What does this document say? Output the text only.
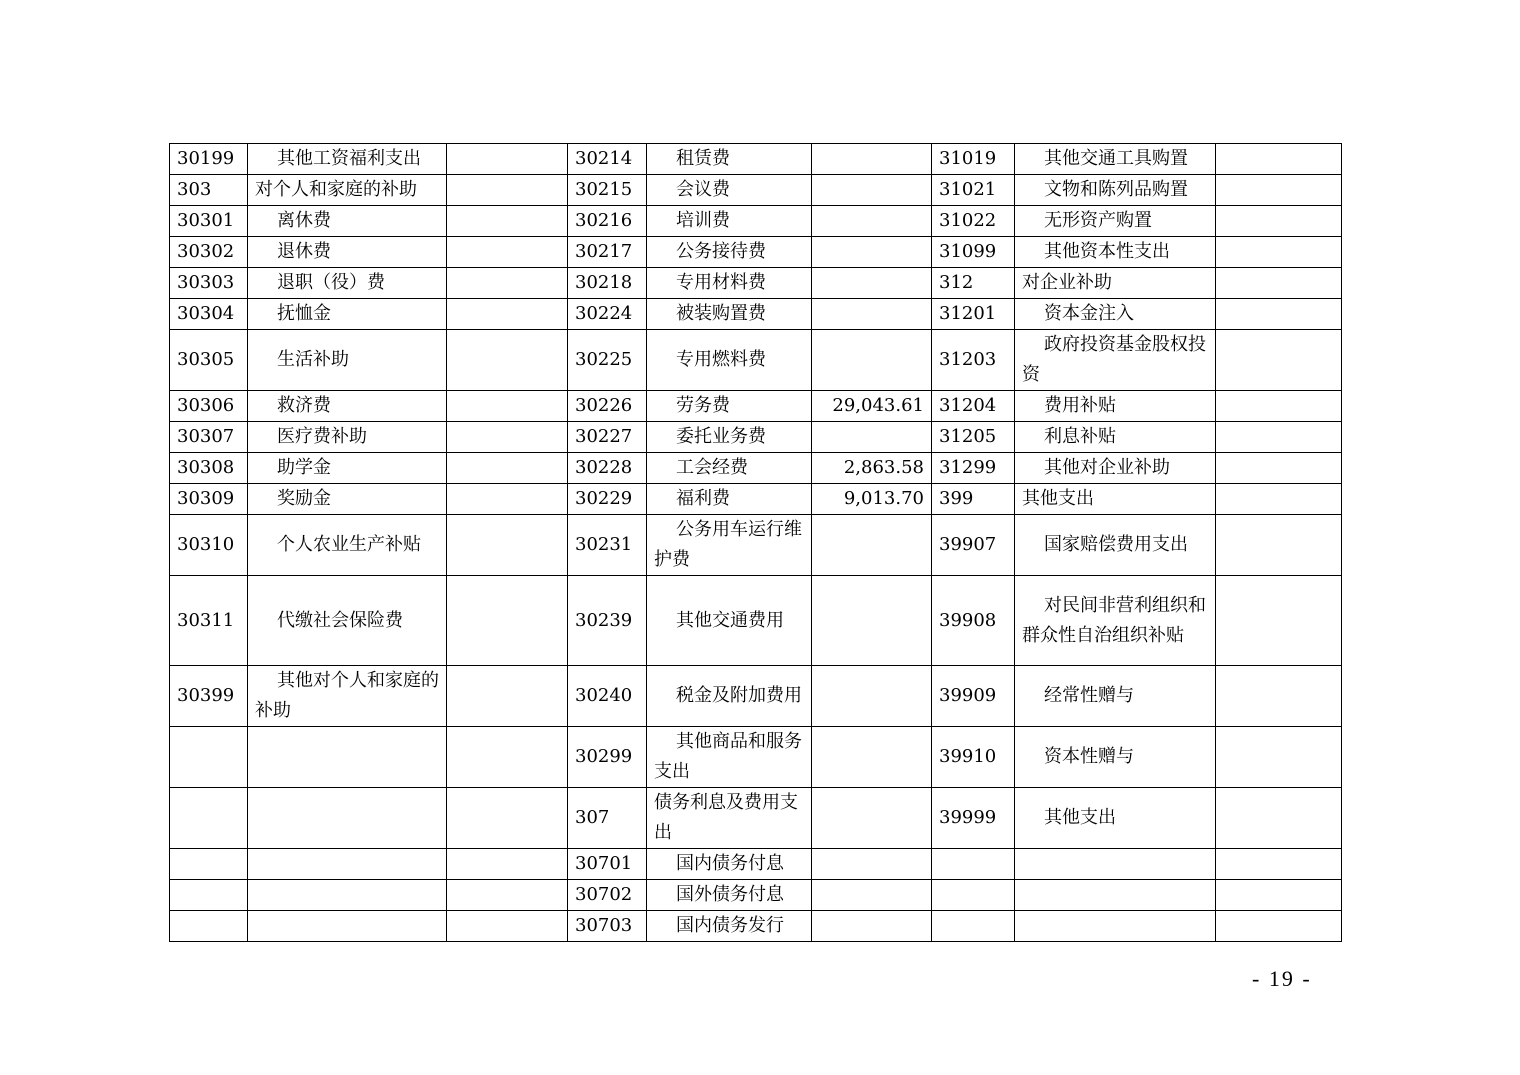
30199	其他工资福利支出		30214	租赁费		31019	其他交通工具购置	
303	对个人和家庭的补助		30215	会议费		31021	文物和陈列品购置	
30301	离休费		30216	培训费		31022	无形资产购置	
30302	退休费		30217	公务接待费		31099	其他资本性支出	
30303	退职（役）费		30218	专用材料费		312	对企业补助	
30304	抚恤金		30224	被装购置费		31201	资本金注入	
30305	生活补助		30225	专用燃料费		31203	政府投资基金股权投资	
30306	救济费		30226	劳务费	29,043.61	31204	费用补贴	
30307	医疗费补助		30227	委托业务费		31205	利息补贴	
30308	助学金		30228	工会经费	2,863.58	31299	其他对企业补助	
30309	奖励金		30229	福利费	9,013.70	399	其他支出	
30310	个人农业生产补贴		30231	公务用车运行维护费		39907	国家赔偿费用支出	
30311	代缴社会保险费		30239	其他交通费用		39908	对民间非营利组织和群众性自治组织补贴	
30399	其他对个人和家庭的补助		30240	税金及附加费用		39909	经常性赠与	
			30299	其他商品和服务支出		39910	资本性赠与	
			307	债务利息及费用支出		39999	其他支出	
			30701	国内债务付息				
			30702	国外债务付息				
			30703	国内债务发行				
- 19 -
